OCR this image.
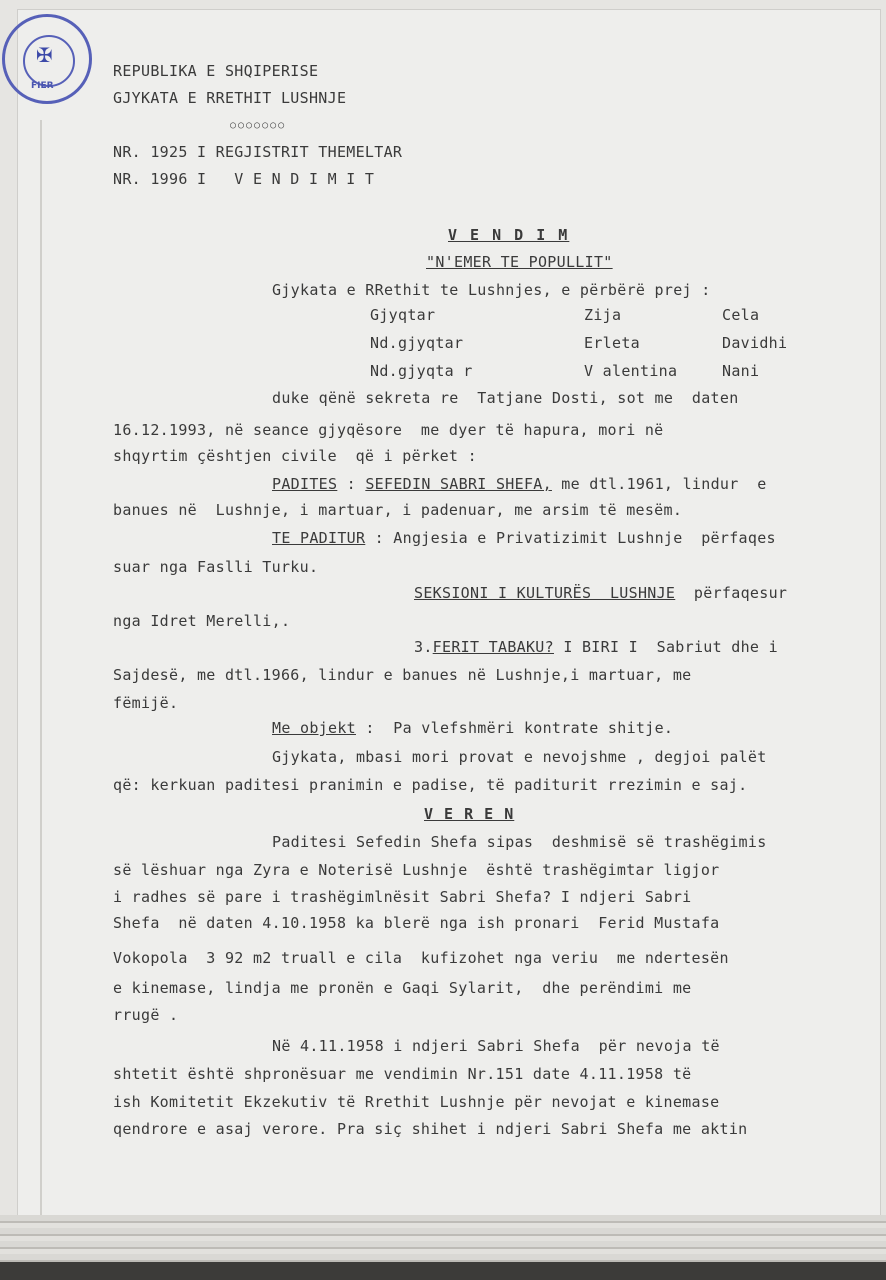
✠
FIER
REPUBLIKA E SHQIPERISE
GJYKATA E RRETHIT LUSHNJE
○○○○○○○
NR. 1925 I REGJISTRIT THEMELTAR
NR. 1996 I   V E N D I M I T
V E N D I M
"N'EMER TE POPULLIT"
Gjykata e RRethit te Lushnjes, e përbërë prej :
Gjyqtar	Zija	Cela
Nd.gjyqtar	Erleta	Davidhi
Nd.gjyqta r	V alentina	Nani
duke qënë sekreta re  Tatjane Dosti, sot me  daten
16.12.1993, në seance gjyqësore  me dyer të hapura, mori në
shqyrtim çështjen civile  që i përket :
PADITES : SEFEDIN SABRI SHEFA, me dtl.1961, lindur  e
banues në  Lushnje, i martuar, i padenuar, me arsim të mesëm.
TE PADITUR : Angjesia e Privatizimit Lushnje  përfaqes
suar nga Faslli Turku.
SEKSIONI I KULTURËS  LUSHNJE  përfaqesur
nga Idret Merelli,.
3.FERIT TABAKU? I BIRI I  Sabriut dhe i
Sajdesë, me dtl.1966, lindur e banues në Lushnje,i martuar, me
fëmijë.
Me objekt :  Pa vlefshmëri kontrate shitje.
Gjykata, mbasi mori provat e nevojshme , degjoi palët
që: kerkuan paditesi pranimin e padise, të paditurit rrezimin e saj.
V E R E N
Paditesi Sefedin Shefa sipas  deshmisë së trashëgimis
së lëshuar nga Zyra e Noterisë Lushnje  është trashëgimtar ligjor
i radhes së pare i trashëgimlnësit Sabri Shefa? I ndjeri Sabri
Shefa  në daten 4.10.1958 ka blerë nga ish pronari  Ferid Mustafa
Vokopola  3 92 m2 truall e cila  kufizohet nga veriu  me ndertesën
e kinemase, lindja me pronën e Gaqi Sylarit,  dhe perëndimi me
rrugë .
Në 4.11.1958 i ndjeri Sabri Shefa  për nevoja të
shtetit është shpronësuar me vendimin Nr.151 date 4.11.1958 të
ish Komitetit Ekzekutiv të Rrethit Lushnje për nevojat e kinemase
qendrore e asaj verore. Pra siç shihet i ndjeri Sabri Shefa me aktin
